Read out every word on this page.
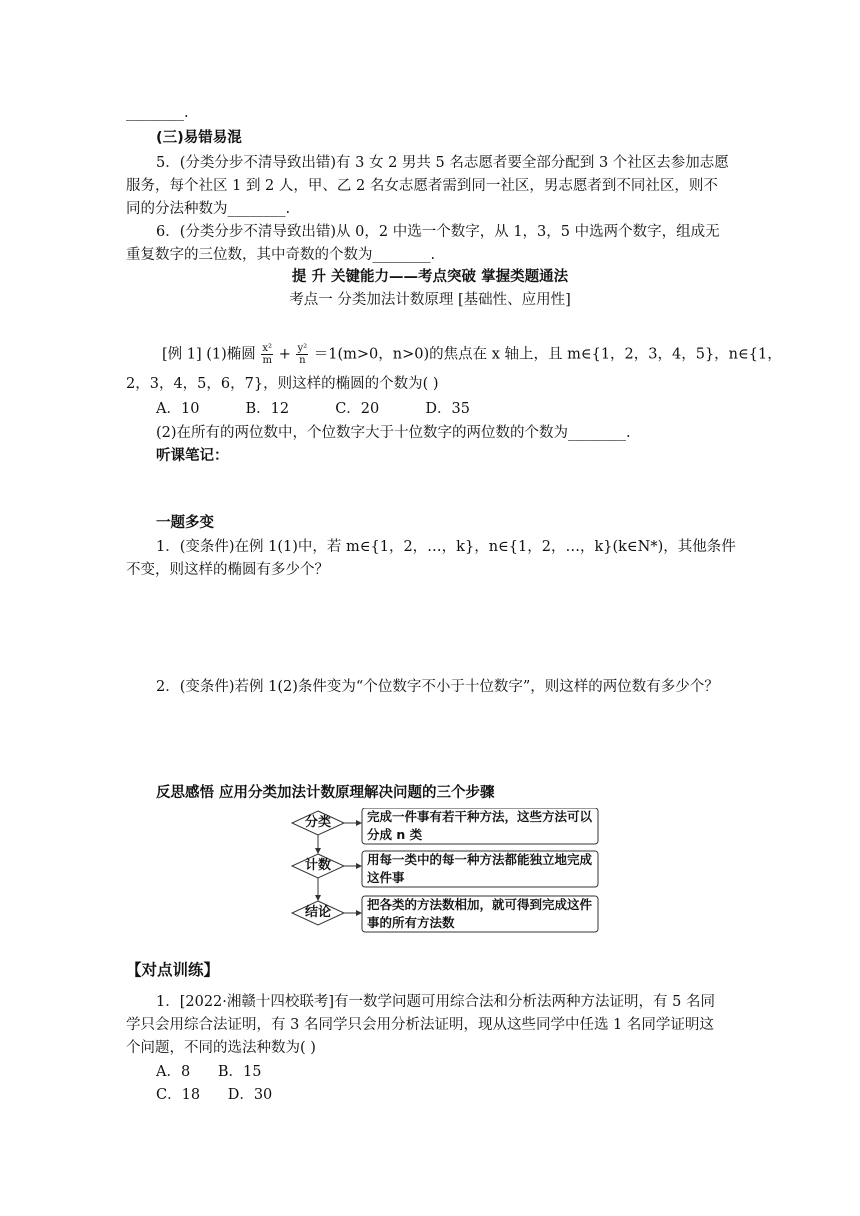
________.
(三)易错易混
5．(分类分步不清导致出错)有 3 女 2 男共 5 名志愿者要全部分配到 3 个社区去参加志愿
服务，每个社区 1 到 2 人，甲、乙 2 名女志愿者需到同一社区，男志愿者到不同社区，则不
同的分法种数为________.
6．(分类分步不清导致出错)从 0，2 中选一个数字，从 1，3，5 中选两个数字，组成无
重复数字的三位数，其中奇数的个数为________.
提 升 关键能力——考点突破 掌握类题通法
考点一 分类加法计数原理 [基础性、应用性]
[例 1] (1)椭圆 $\frac{\text{x²}}{m} + \frac{\text{y²}}{n} =1(m>0$，n>0)的焦点在 x 轴上，且 m∈{1，2，3，4，5}，n∈{1，
2，3，4，5，6，7}，则这样的椭圆的个数为( )
A．10          B．12          C．20          D．35
(2)在所有的两位数中，个位数字大于十位数字的两位数的个数为________.
听课笔记：
一题多变
1．(变条件)在例 1(1)中，若 m∈{1，2，…，k}，n∈{1，2，…，k}(k∈N*)，其他条件
不变，则这样的椭圆有多少个？
2．(变条件)若例 1(2)条件变为“个位数字不小于十位数字”，则这样的两位数有多少个？
反思感悟 应用分类加法计数原理解决问题的三个步骤
分类
计数
结论
完成一件事有若干种方法，这些方法可以分成 n 类
用每一类中的每一种方法都能独立地完成这件事
把各类的方法数相加，就可得到完成这件事的所有方法数
【对点训练】
1．[2022·湘赣十四校联考]有一数学问题可用综合法和分析法两种方法证明，有 5 名同
学只会用综合法证明，有 3 名同学只会用分析法证明，现从这些同学中任选 1 名同学证明这
个问题，不同的选法种数为( )
A．8      B．15
C．18      D．30
